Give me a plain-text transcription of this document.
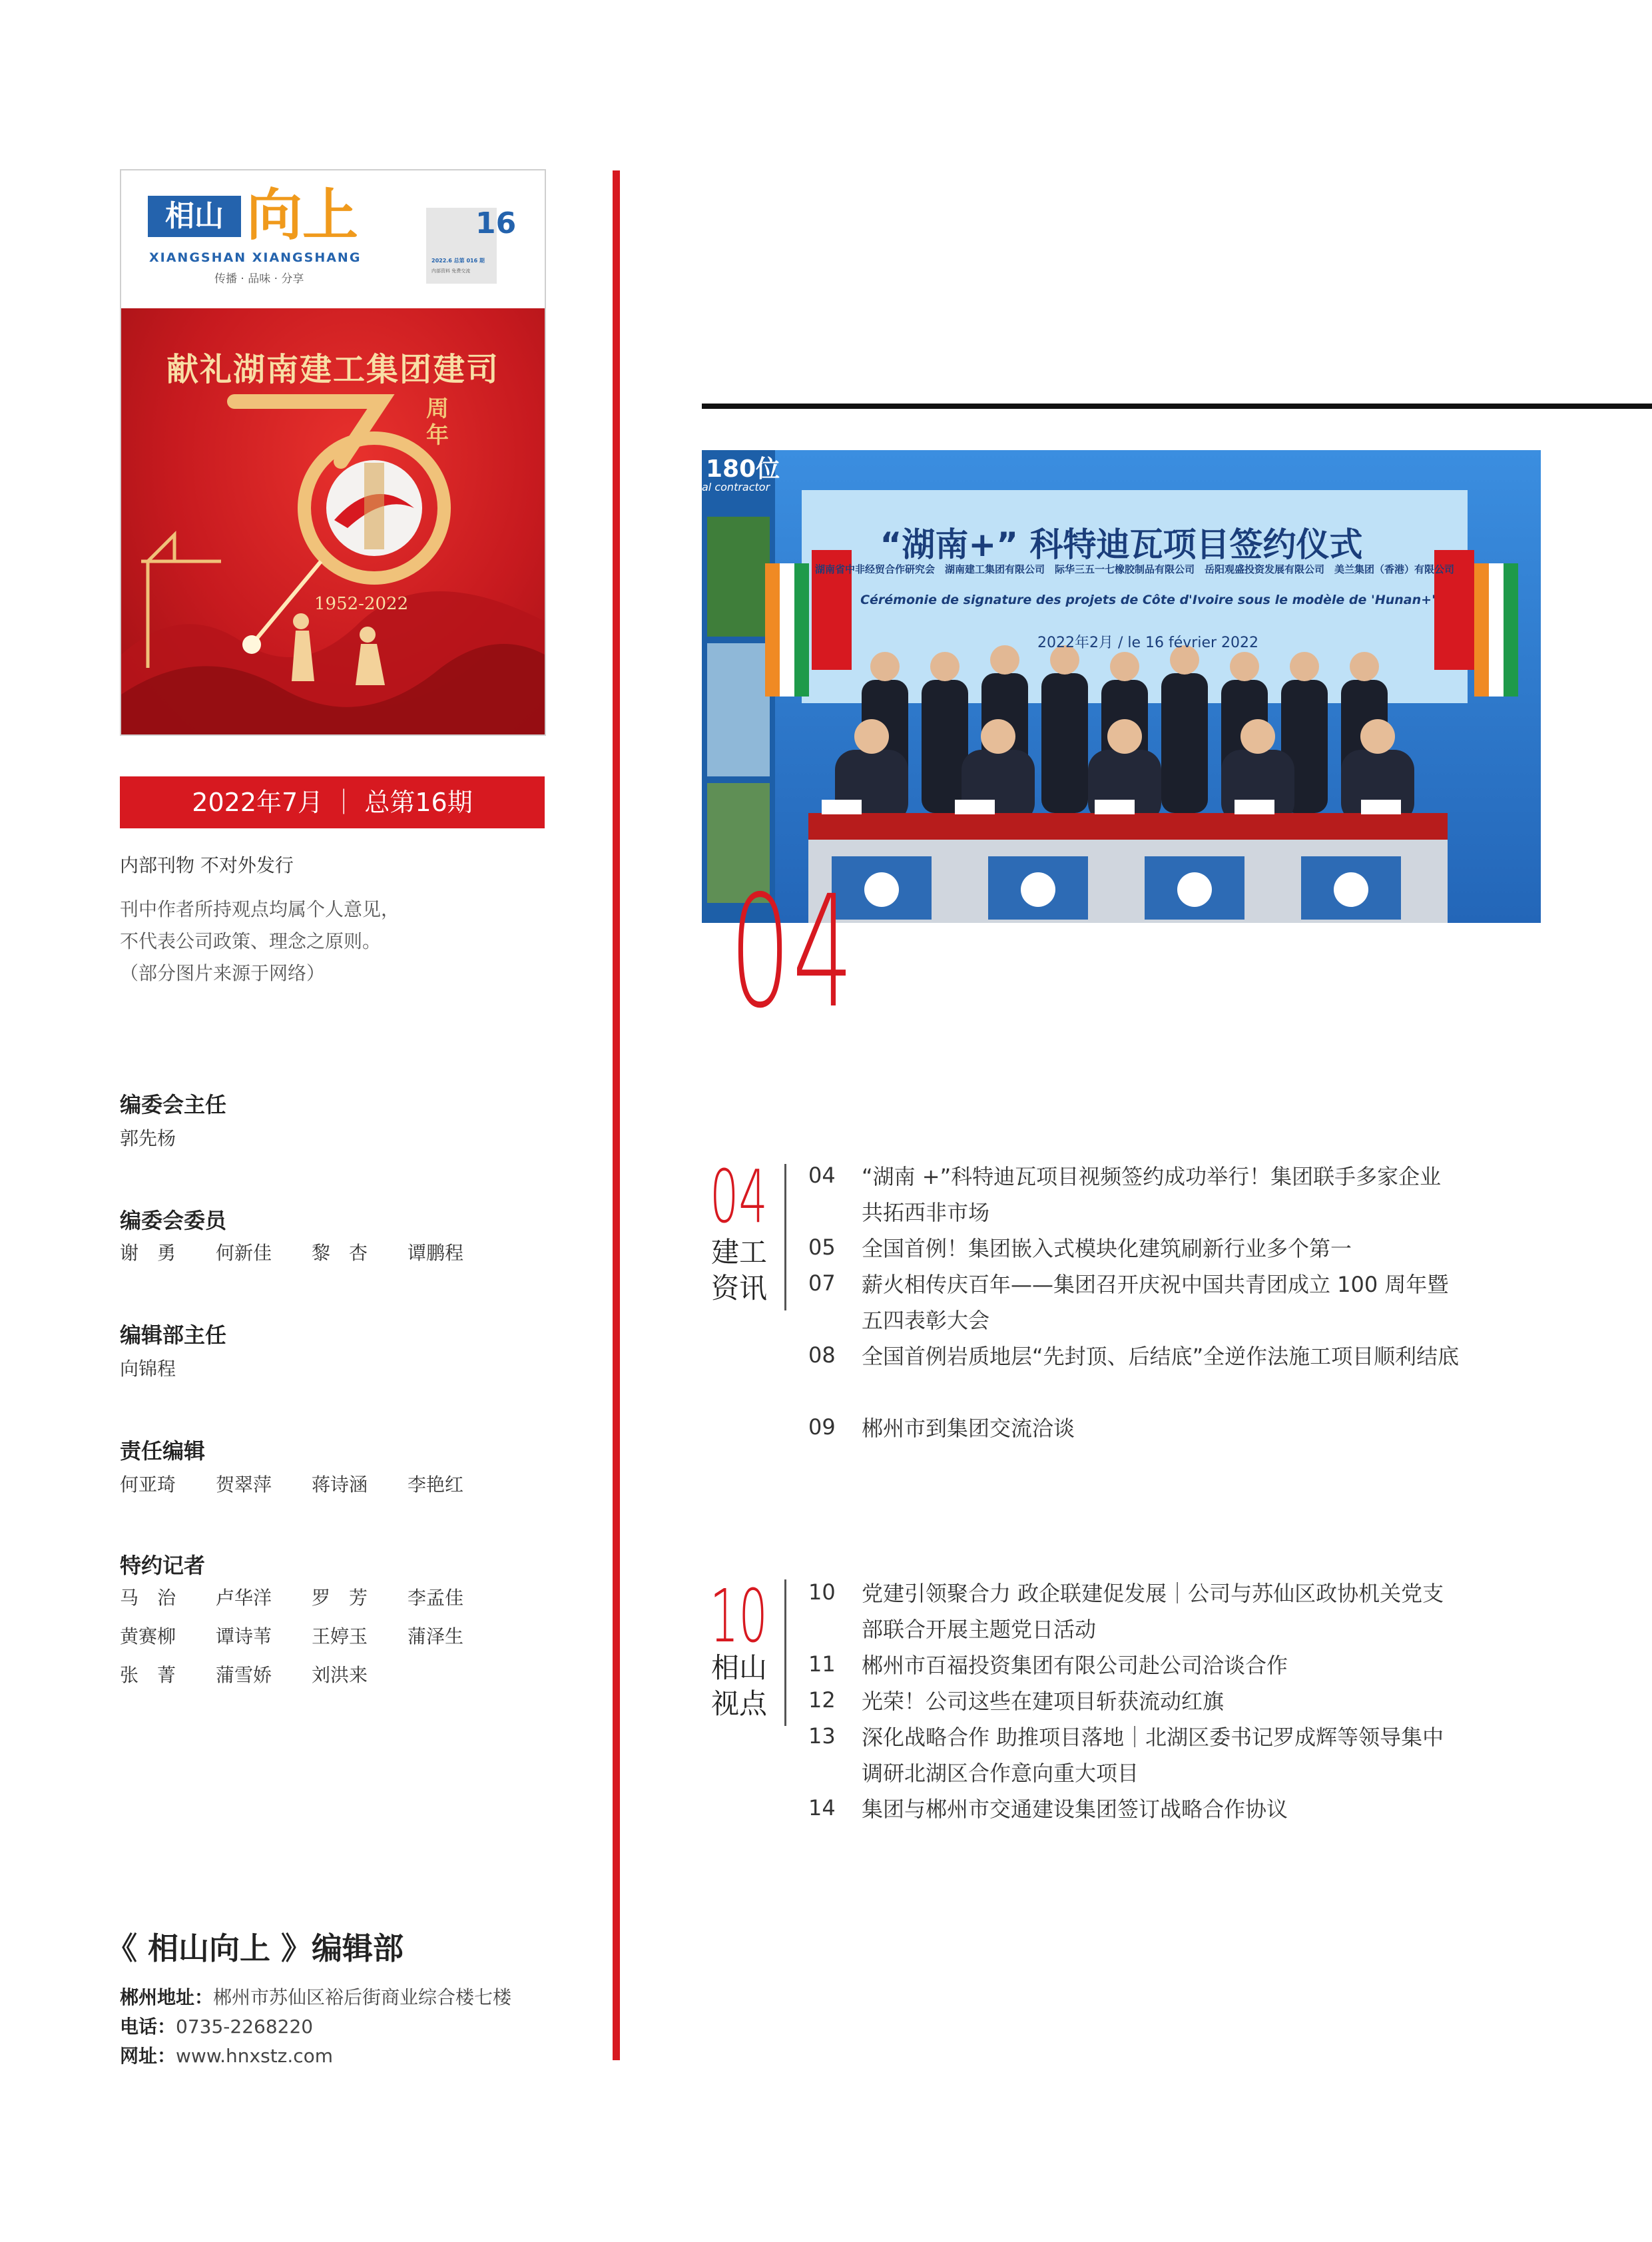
相山 向上
XIANGSHAN XIANGSHANG
传播 · 品味 · 分享
16
2022.6 总第 016 期
内部资料 免费交流
献礼湖南建工集团建司
周年
1952-2022
2022年7月 ｜ 总第16期
内部刊物 不对外发行
刊中作者所持观点均属个人意见，
不代表公司政策、理念之原则。
（部分图片来源于网络）
编委会主任
郭先杨
编委会委员
谢　勇 何新佳 黎　杏 谭鹏程
编辑部主任
向锦程
责任编辑
何亚琦 贺翠萍 蒋诗涵 李艳红
特约记者
马　治 卢华洋 罗　芳 李孟佳
黄赛柳 谭诗苇 王婷玉 蒲泽生
张　菁 蒲雪娇 刘洪来
《 相山向上 》编辑部
郴州地址：郴州市苏仙区裕后街商业综合楼七楼
电话：0735-2268220
网址：www.hnxstz.com
180位
al contractor
“湖南+” 科特迪瓦项目签约仪式
湖南省中非经贸合作研究会　湖南建工集团有限公司　际华三五一七橡胶制品有限公司　岳阳观盛投资发展有限公司　美兰集团（香港）有限公司
Cérémonie de signature des projets de Côte d'Ivoire sous le modèle de 'Hunan+'
2022年2月 / le 16 février 2022
04
04
建工资讯
04 “湖南 +”科特迪瓦项目视频签约成功举行！集团联手多家企业共拓西非市场
05 全国首例！集团嵌入式模块化建筑刷新行业多个第一
07 薪火相传庆百年——集团召开庆祝中国共青团成立 100 周年暨五四表彰大会
08 全国首例岩质地层“先封顶、后结底”全逆作法施工项目顺利结底
09 郴州市到集团交流洽谈
10
相山视点
10 党建引领聚合力 政企联建促发展｜公司与苏仙区政协机关党支部联合开展主题党日活动
11 郴州市百福投资集团有限公司赴公司洽谈合作
12 光荣！公司这些在建项目斩获流动红旗
13 深化战略合作 助推项目落地｜北湖区委书记罗成辉等领导集中调研北湖区合作意向重大项目
14 集团与郴州市交通建设集团签订战略合作协议
